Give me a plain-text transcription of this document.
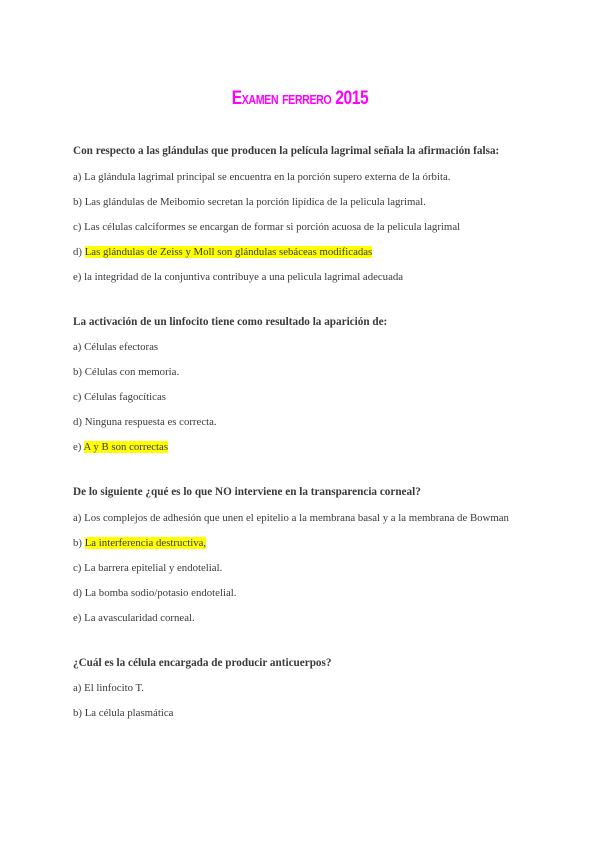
Examen ferrero 2015

Con respecto a las glándulas que producen la película lagrimal señala la afirmación falsa:

a) La glándula lagrimal principal se encuentra en la porción supero externa de la órbita.

b) Las glándulas de Meibomio secretan la porción lipídica de la pelicula lagrimal.

c) Las células calciformes se encargan de formar si porción acuosa de la pelicula lagrimal

d) Las glándulas de Zeiss y Moll son glándulas sebáceas modificadas

e) la integridad de la conjuntiva contribuye a una pelicula lagrimal adecuada

La activación de un linfocito tiene como resultado la aparición de:

a) Células efectoras

b) Células con memoria.

c) Células fagocíticas

d) Ninguna respuesta es correcta.

e) A y B son correctas

De lo siguiente ¿qué es lo que NO interviene en la transparencia corneal?

a) Los complejos de adhesión que unen el epitelio a la membrana basal y a la membrana de Bowman

b) La interferencia destructiva,

c) La barrera epitelial y endotelial.

d) La bomba sodio/potasio endotelial.

e) La avascularidad corneal.

¿Cuál es la célula encargada de producir anticuerpos?

a) El linfocito T.

b) La célula plasmática
